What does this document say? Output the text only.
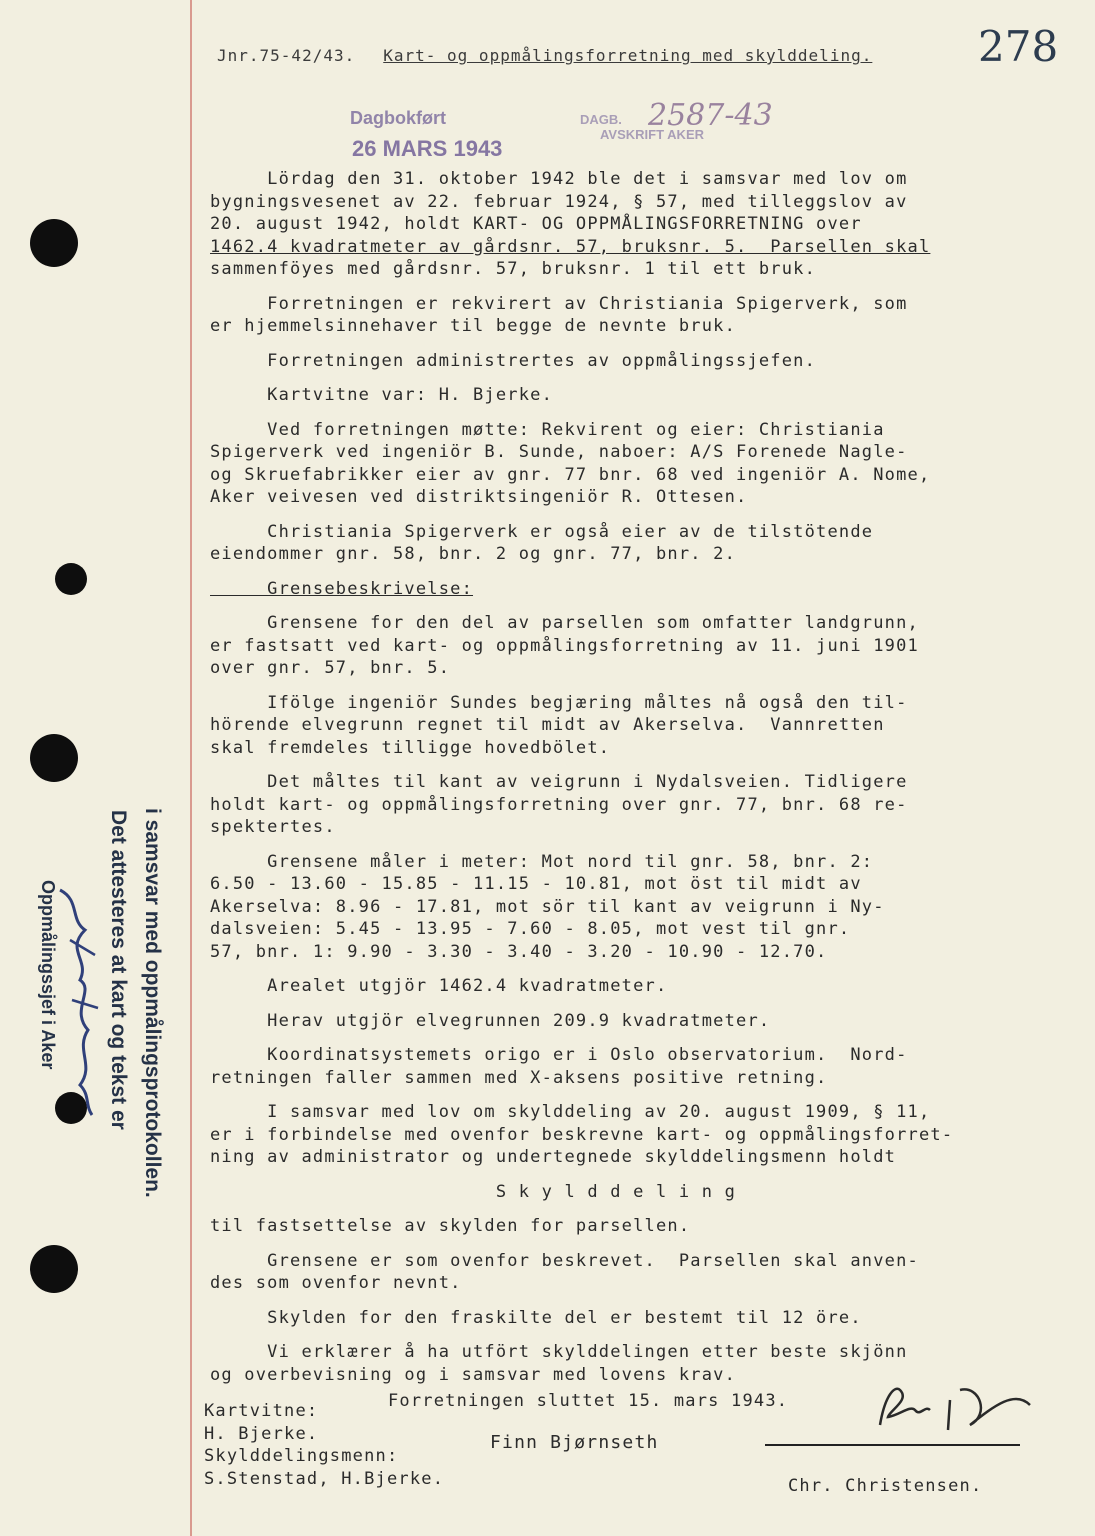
Jnr.75-42/43. Kart- og oppmålingsforretning med skylddeling.	278
Dagbokført
26 MARS 1943
DAGB.
AVSKRIFT AKER
2587-43
Lördag den 31. oktober 1942 ble det i samsvar med lov om
bygningsvesenet av 22. februar 1924, § 57, med tilleggslov av
20. august 1942, holdt KART- OG OPPMÅLINGSFORRETNING over
1462.4 kvadratmeter av gårdsnr. 57, bruksnr. 5.  Parsellen skal
sammenföyes med gårdsnr. 57, bruksnr. 1 til ett bruk.
Forretningen er rekvirert av Christiania Spigerverk, som
er hjemmelsinnehaver til begge de nevnte bruk.
Forretningen administrertes av oppmålingssjefen.
Kartvitne var: H. Bjerke.
Ved forretningen møtte: Rekvirent og eier: Christiania
Spigerverk ved ingeniör B. Sunde, naboer: A/S Forenede Nagle-
og Skruefabrikker eier av gnr. 77 bnr. 68 ved ingeniör A. Nome,
Aker veivesen ved distriktsingeniör R. Ottesen.
Christiania Spigerverk er også eier av de tilstötende
eiendommer gnr. 58, bnr. 2 og gnr. 77, bnr. 2.
Grensebeskrivelse:
Grensene for den del av parsellen som omfatter landgrunn,
er fastsatt ved kart- og oppmålingsforretning av 11. juni 1901
over gnr. 57, bnr. 5.
Ifölge ingeniör Sundes begjæring måltes nå også den til-
hörende elvegrunn regnet til midt av Akerselva.  Vannretten
skal fremdeles tilligge hovedbölet.
Det måltes til kant av veigrunn i Nydalsveien. Tidligere
holdt kart- og oppmålingsforretning over gnr. 77, bnr. 68 re-
spektertes.
Grensene måler i meter: Mot nord til gnr. 58, bnr. 2:
6.50 - 13.60 - 15.85 - 11.15 - 10.81, mot öst til midt av
Akerselva: 8.96 - 17.81, mot sör til kant av veigrunn i Ny-
dalsveien: 5.45 - 13.95 - 7.60 - 8.05, mot vest til gnr.
57, bnr. 1: 9.90 - 3.30 - 3.40 - 3.20 - 10.90 - 12.70.
Arealet utgjör 1462.4 kvadratmeter.
Herav utgjör elvegrunnen 209.9 kvadratmeter.
Koordinatsystemets origo er i Oslo observatorium.  Nord-
retningen faller sammen med X-aksens positive retning.
I samsvar med lov om skylddeling av 20. august 1909, § 11,
er i forbindelse med ovenfor beskrevne kart- og oppmålingsforret-
ning av administrator og undertegnede skylddelingsmenn holdt
S k y l d d e l i n g
til fastsettelse av skylden for parsellen.
Grensene er som ovenfor beskrevet.  Parsellen skal anven-
des som ovenfor nevnt.
Skylden for den fraskilte del er bestemt til 12 öre.
Vi erklærer å ha utfört skylddelingen etter beste skjönn
og overbevisning og i samsvar med lovens krav.
Det attesteres at kart og tekst er i samsvar med oppmålingsprotokollen.
Oppmålingssjef i Aker
Forretningen sluttet 15. mars 1943.
Kartvitne:
H. Bjerke.
Skylddelingsmenn:
S.Stenstad, H.Bjerke.
Finn Bjørnseth
Chr. Christensen.
